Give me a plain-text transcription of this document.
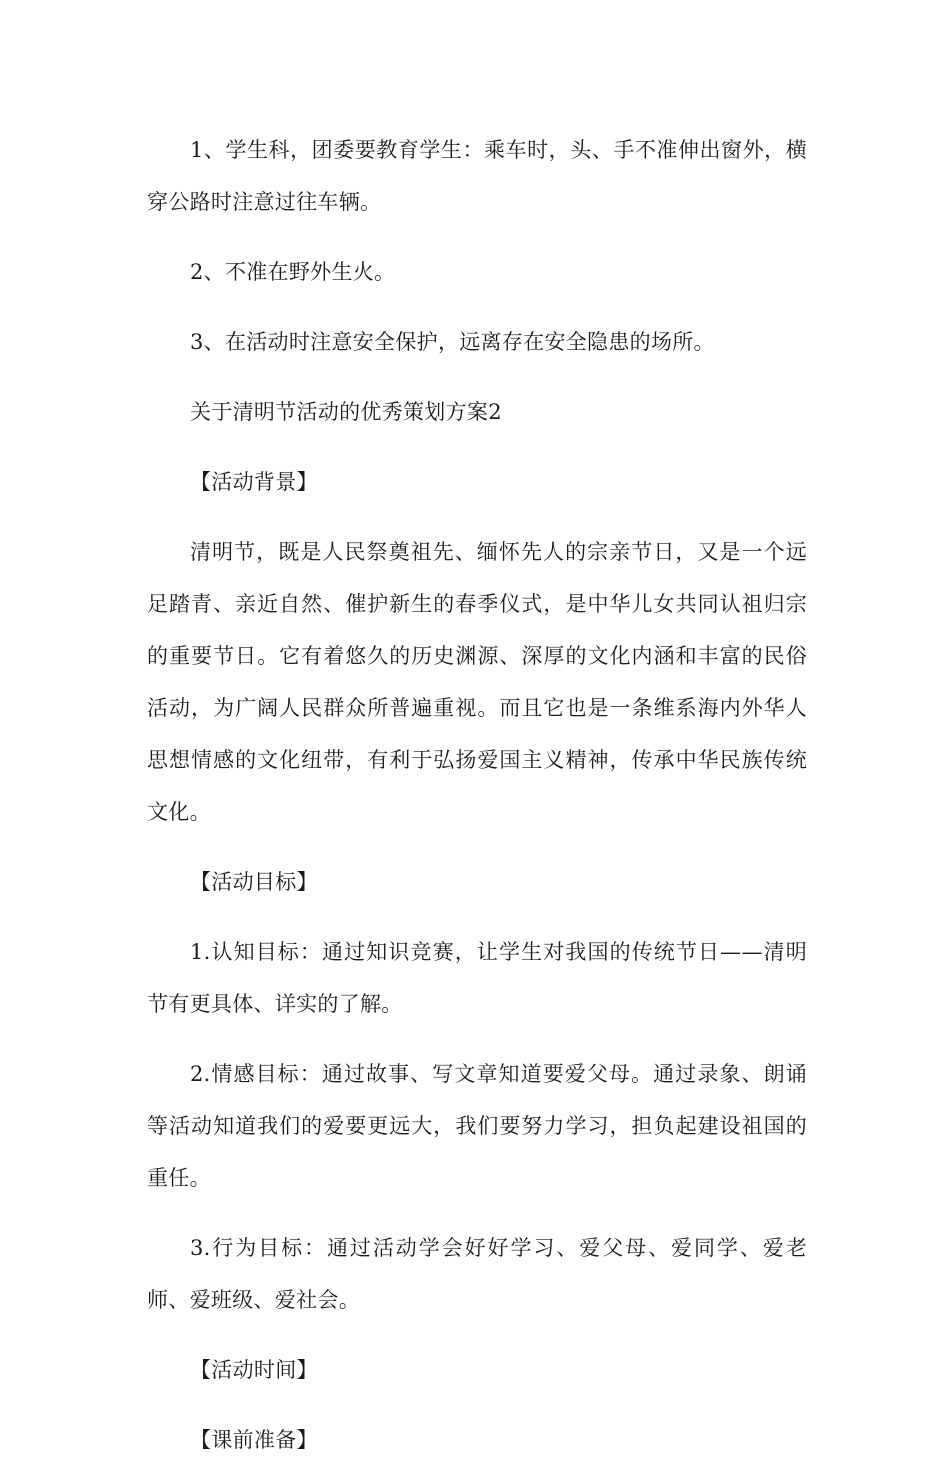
1、学生科，团委要教育学生：乘车时，头、手不准伸出窗外，横穿公路时注意过往车辆。

2、不准在野外生火。

3、在活动时注意安全保护，远离存在安全隐患的场所。

关于清明节活动的优秀策划方案2

【活动背景】

清明节，既是人民祭奠祖先、缅怀先人的宗亲节日，又是一个远足踏青、亲近自然、催护新生的春季仪式，是中华儿女共同认祖归宗的重要节日。它有着悠久的历史渊源、深厚的文化内涵和丰富的民俗活动，为广阔人民群众所普遍重视。而且它也是一条维系海内外华人思想情感的文化纽带，有利于弘扬爱国主义精神，传承中华民族传统文化。

【活动目标】

1.认知目标：通过知识竞赛，让学生对我国的传统节日——清明节有更具体、详实的了解。

2.情感目标：通过故事、写文章知道要爱父母。通过录象、朗诵等活动知道我们的爱要更远大，我们要努力学习，担负起建设祖国的重任。

3.行为目标：通过活动学会好好学习、爱父母、爱同学、爱老师、爱班级、爱社会。

【活动时间】

【课前准备】
